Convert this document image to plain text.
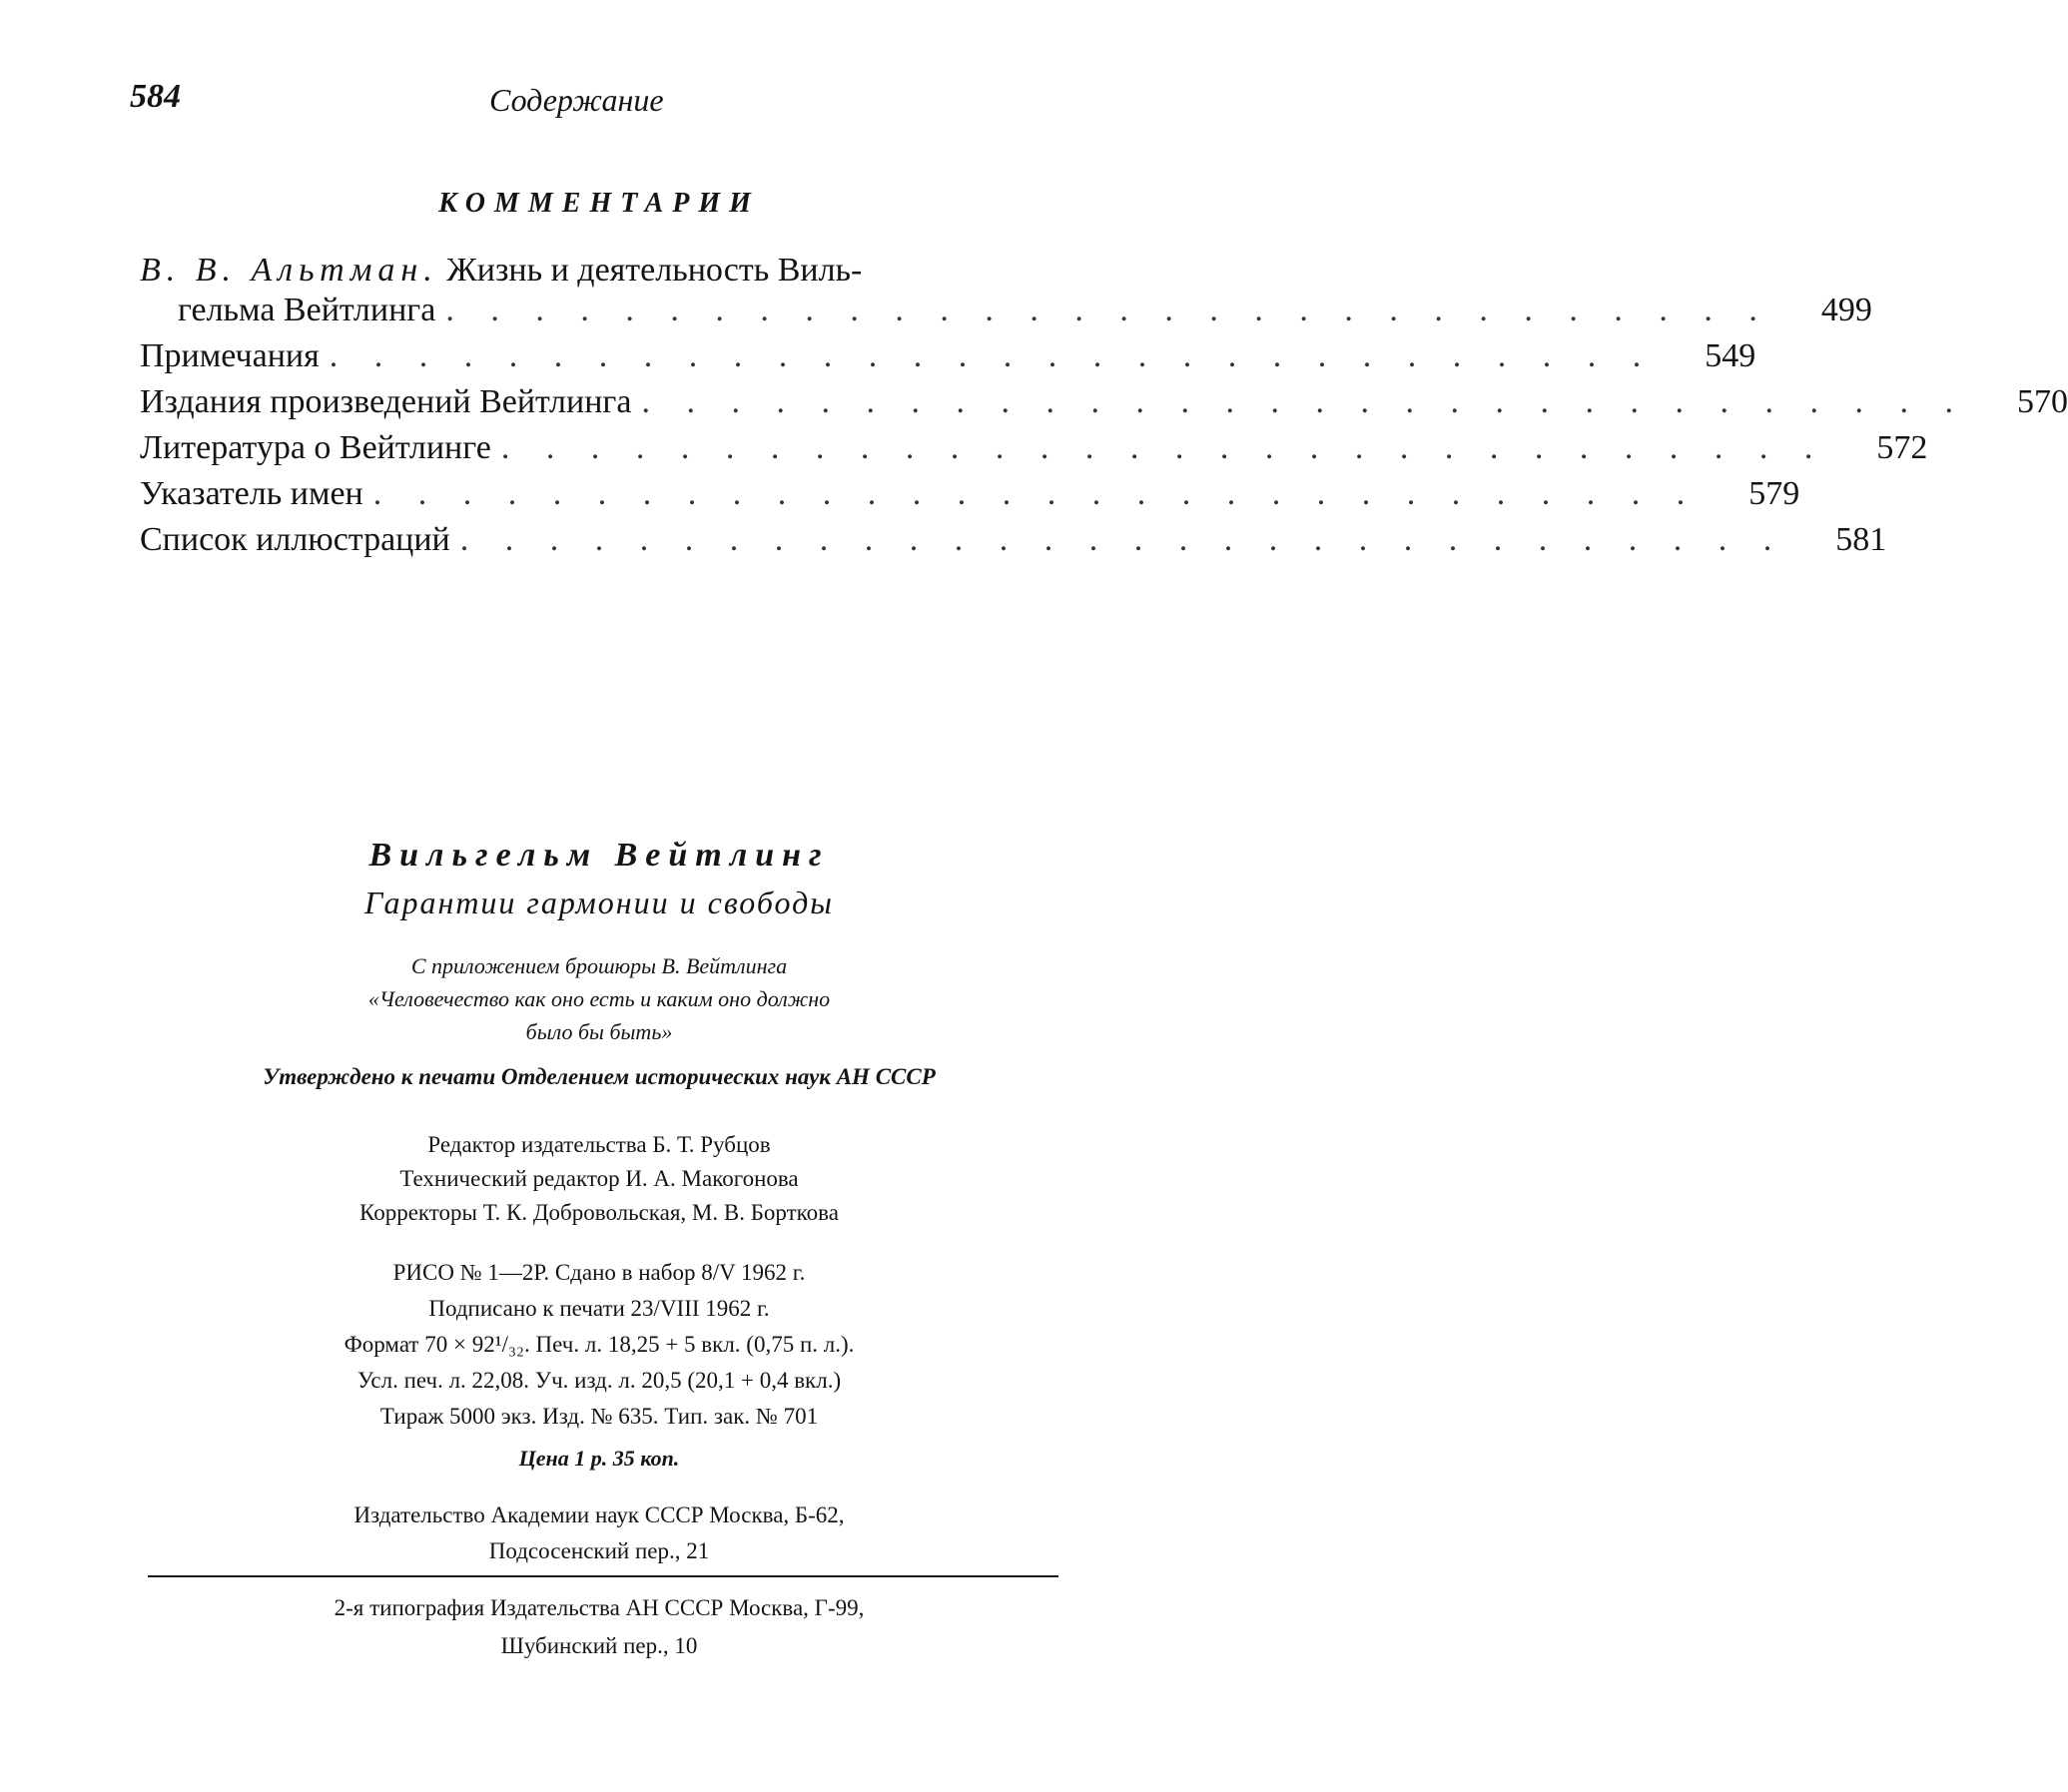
584	Содержание
КОММЕНТАРИИ
В. В. Альтман. Жизнь и деятельность Виль-
гельма Вейтлинга . . . . . . . . . . . . . . . . . . . . . . . . . . . . . . 499
Примечания . . . . . . . . . . . . . . . . . . . . . . . . . . . . . . 549
Издания произведений Вейтлинга . . . . . . . . . . . . . . . . . . . . . . . . . . . . . . 570
Литература о Вейтлинге . . . . . . . . . . . . . . . . . . . . . . . . . . . . . . 572
Указатель имен . . . . . . . . . . . . . . . . . . . . . . . . . . . . . . 579
Список иллюстраций . . . . . . . . . . . . . . . . . . . . . . . . . . . . . . 581
Вильгельм Вейтлинг
Гарантии гармонии и свободы
С приложением брошюры В. Вейтлинга
«Человечество как оно есть и каким оно должно
было бы быть»
Утверждено к печати Отделением исторических наук АН СССР
Редактор издательства Б. Т. Рубцов
Технический редактор И. А. Макогонова
Корректоры Т. К. Добровольская, М. В. Борткова
РИСО № 1—2Р. Сдано в набор 8/V 1962 г.
Подписано к печати 23/VIII 1962 г.
Формат 70 × 92¹/₃₂. Печ. л. 18,25 + 5 вкл. (0,75 п. л.).
Усл. печ. л. 22,08. Уч. изд. л. 20,5 (20,1 + 0,4 вкл.)
Тираж 5000 экз. Изд. № 635. Тип. зак. № 701
Цена 1 р. 35 коп.
Издательство Академии наук СССР Москва, Б-62,
Подсосенский пер., 21
2-я типография Издательства АН СССР Москва, Г-99,
Шубинский пер., 10
